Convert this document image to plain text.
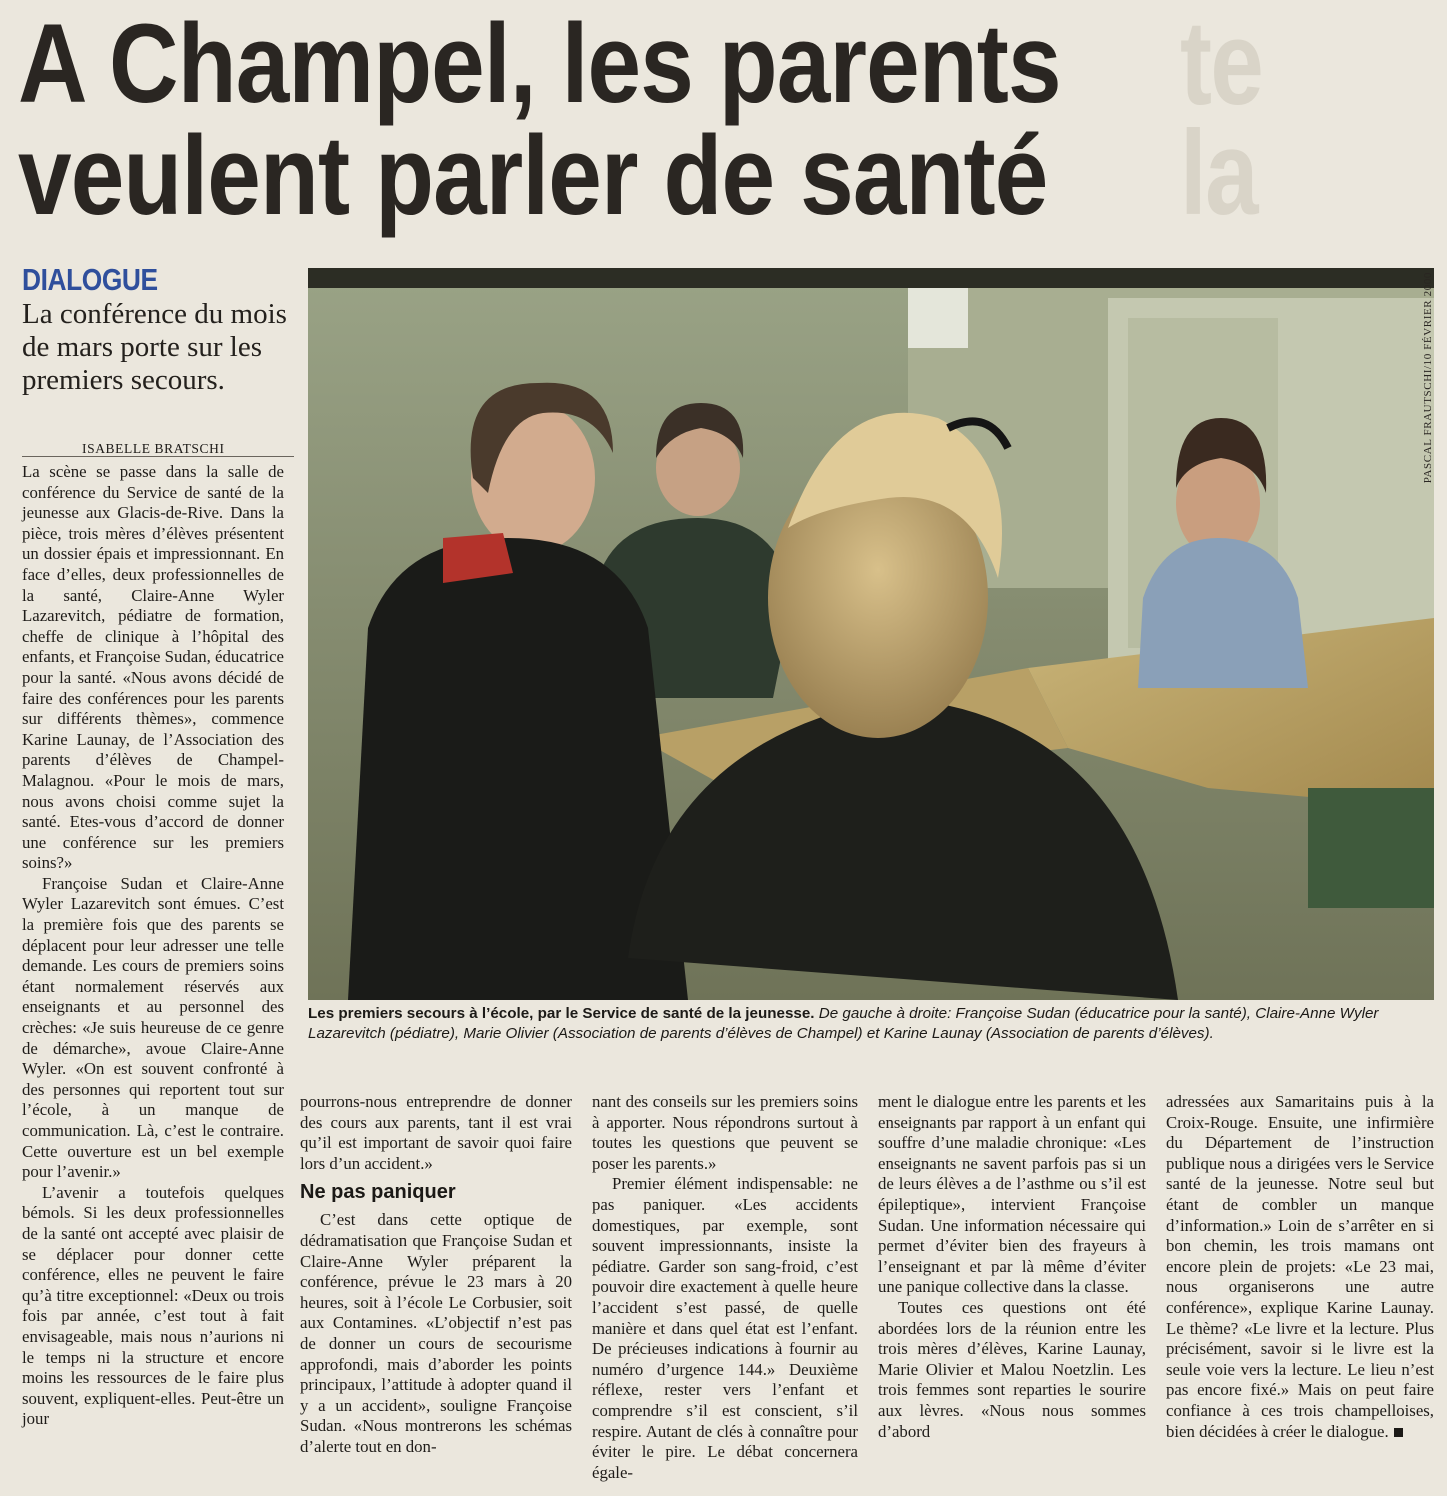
te
la
A Champel, les parents
veulent parler de santé
DIALOGUE
La conférence du mois de mars porte sur les premiers secours.
ISABELLE BRATSCHI

La scène se passe dans la salle de conférence du Service de santé de la jeunesse aux Glacis-de-Rive. Dans la pièce, trois mères d’élèves présentent un dossier épais et impressionnant. En face d’elles, deux professionnelles de la santé, Claire-Anne Wyler Lazarevitch, pédiatre de formation, cheffe de clinique à l’hôpital des enfants, et Françoise Sudan, éducatrice pour la santé. «Nous avons décidé de faire des conférences pour les parents sur différents thèmes», commence Karine Launay, de l’Association des parents d’élèves de Champel-Malagnou. «Pour le mois de mars, nous avons choisi comme sujet la santé. Etes-vous d’accord de donner une conférence sur les premiers soins?»

Françoise Sudan et Claire-Anne Wyler Lazarevitch sont émues. C’est la première fois que des parents se déplacent pour leur adresser une telle demande. Les cours de premiers soins étant normalement réservés aux enseignants et au personnel des crèches: «Je suis heureuse de ce genre de démarche», avoue Claire-Anne Wyler. «On est souvent confronté à des personnes qui reportent tout sur l’école, à un manque de communication. Là, c’est le contraire. Cette ouverture est un bel exemple pour l’avenir.»

L’avenir a toutefois quelques bémols. Si les deux professionnelles de la santé ont accepté avec plaisir de se déplacer pour donner cette conférence, elles ne peuvent le faire qu’à titre exceptionnel: «Deux ou trois fois par année, c’est tout à fait envisageable, mais nous n’aurions ni le temps ni la structure et encore moins les ressources de le faire plus souvent, expliquent-elles. Peut-être un jour

PASCAL FRAUTSCHI/10 FÉVRIER 2000
Les premiers secours à l’école, par le Service de santé de la jeunesse. De gauche à droite: Françoise Sudan (éducatrice pour la santé), Claire-Anne Wyler Lazarevitch (pédiatre), Marie Olivier (Association de parents d’élèves de Champel) et Karine Launay (Association de parents d’élèves).

pourrons-nous entreprendre de donner des cours aux parents, tant il est vrai qu’il est important de savoir quoi faire lors d’un accident.»

Ne pas paniquer

C’est dans cette optique de dédramatisation que Françoise Sudan et Claire-Anne Wyler préparent la conférence, prévue le 23 mars à 20 heures, soit à l’école Le Corbusier, soit aux Contamines. «L’objectif n’est pas de donner un cours de secourisme approfondi, mais d’aborder les points principaux, l’attitude à adopter quand il y a un accident», souligne Françoise Sudan. «Nous montrerons les schémas d’alerte tout en don-

nant des conseils sur les premiers soins à apporter. Nous répondrons surtout à toutes les questions que peuvent se poser les parents.»

Premier élément indispensable: ne pas paniquer. «Les accidents domestiques, par exemple, sont souvent impressionnants, insiste la pédiatre. Garder son sang-froid, c’est pouvoir dire exactement à quelle heure l’accident s’est passé, de quelle manière et dans quel état est l’enfant. De précieuses indications à fournir au numéro d’urgence 144.» Deuxième réflexe, rester vers l’enfant et comprendre s’il est conscient, s’il respire. Autant de clés à connaître pour éviter le pire. Le débat concernera égale-

ment le dialogue entre les parents et les enseignants par rapport à un enfant qui souffre d’une maladie chronique: «Les enseignants ne savent parfois pas si un de leurs élèves a de l’asthme ou s’il est épileptique», intervient Françoise Sudan. Une information nécessaire qui permet d’éviter bien des frayeurs à l’enseignant et par là même d’éviter une panique collective dans la classe.

Toutes ces questions ont été abordées lors de la réunion entre les trois mères d’élèves, Karine Launay, Marie Olivier et Malou Noetzlin. Les trois femmes sont reparties le sourire aux lèvres. «Nous nous sommes d’abord

adressées aux Samaritains puis à la Croix-Rouge. Ensuite, une infirmière du Département de l’instruction publique nous a dirigées vers le Service santé de la jeunesse. Notre seul but étant de combler un manque d’information.» Loin de s’arrêter en si bon chemin, les trois mamans ont encore plein de projets: «Le 23 mai, nous organiserons une autre conférence», explique Karine Launay. Le thème? «Le livre et la lecture. Plus précisément, savoir si le livre est la seule voie vers la lecture. Le lieu n’est pas encore fixé.» Mais on peut faire confiance à ces trois champelloises, bien décidées à créer le dialogue.
